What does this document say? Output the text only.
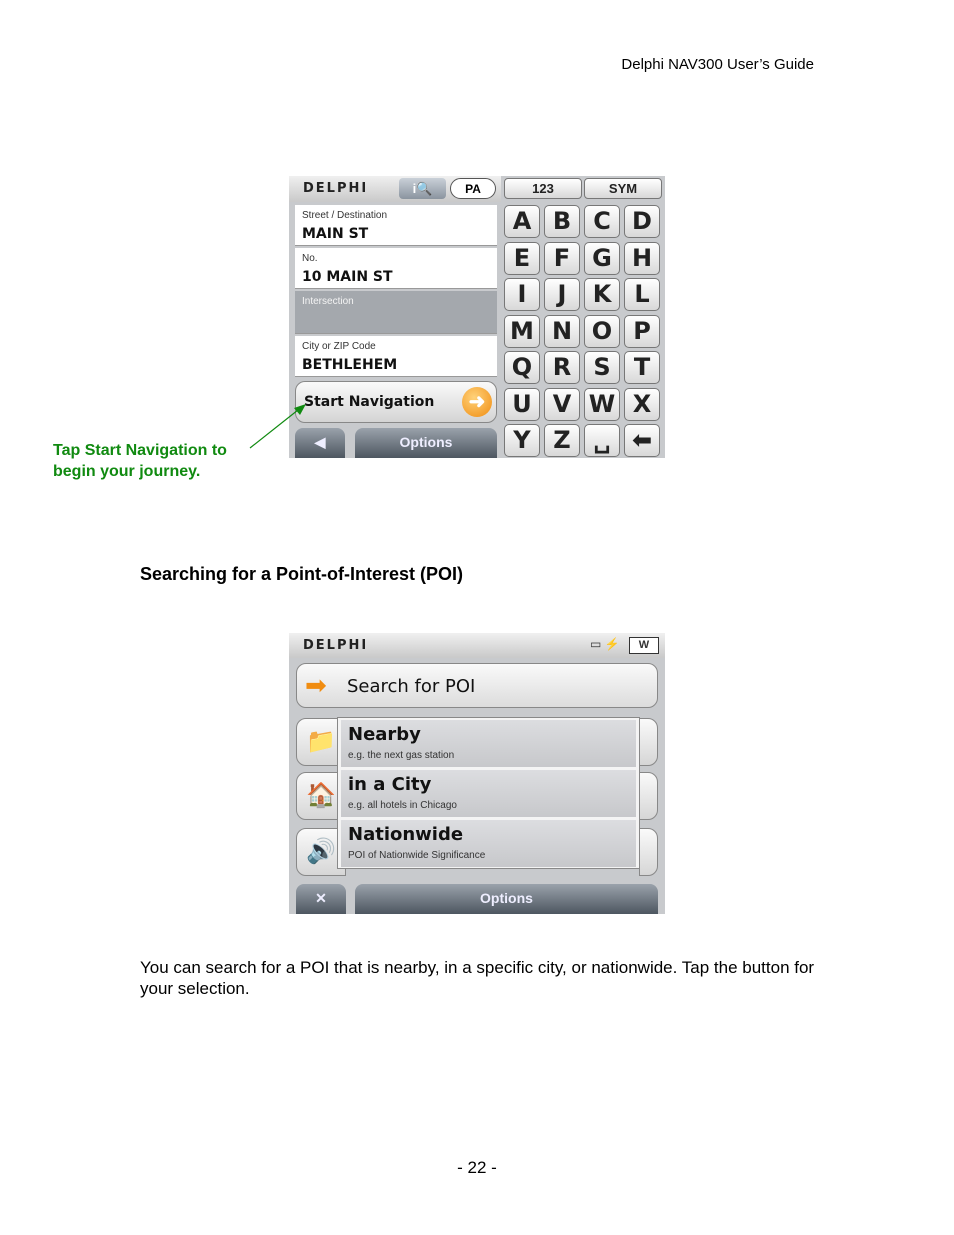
Delphi NAV300 User’s Guide
DELPHI	i🔍	PA
Street / Destination
MAIN ST
No.
10 MAIN ST
Intersection
City or ZIP Code
BETHLEHEM
Start Navigation	➜
◀	Options
123	SYM
A B C D
E F G H
I	J	K L
M N O P
Q R S T
U V W X
Y Z ␣ ⬅
Tap Start Navigation to begin your journey.
Searching for a Point-of-Interest (POI)
DELPHI	▭ ⚡ W
➡ Search for POI
📁
🏠
🔊
Nearby
e.g. the next gas station
in a City
e.g. all hotels in Chicago
Nationwide
POI of Nationwide Significance
✕	Options
You can search for a POI that is nearby, in a specific city, or nationwide. Tap the button for your selection.
- 22 -
